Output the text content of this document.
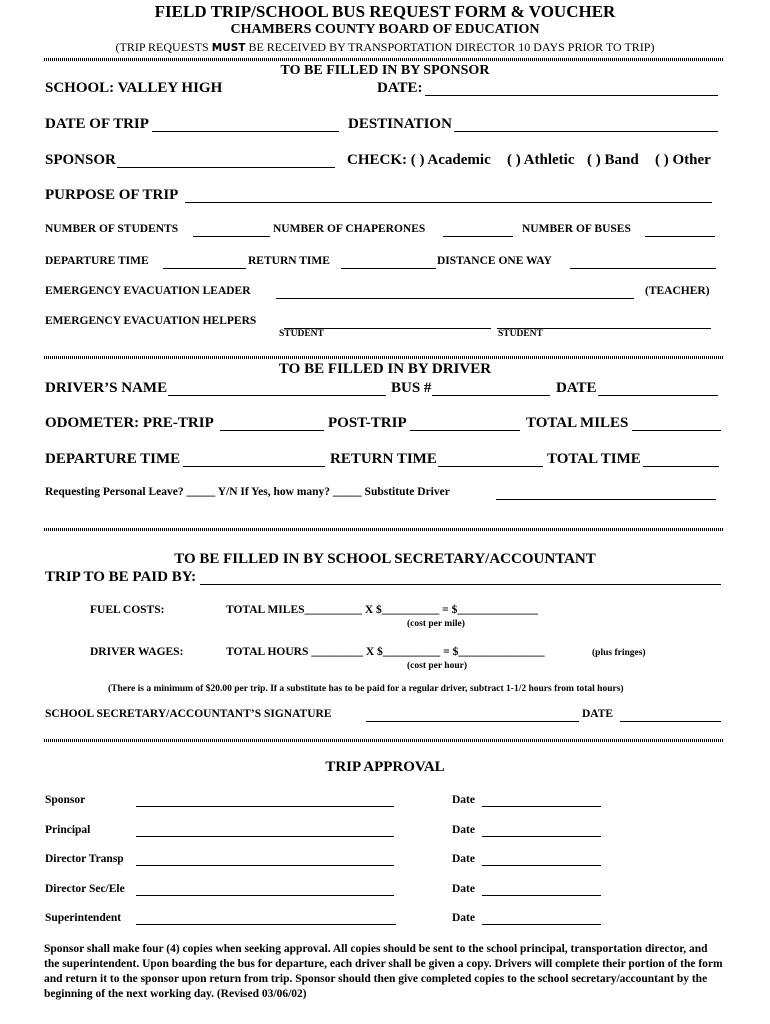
FIELD TRIP/SCHOOL BUS REQUEST FORM & VOUCHER
CHAMBERS COUNTY BOARD OF EDUCATION
(TRIP REQUESTS MUST BE RECEIVED BY TRANSPORTATION DIRECTOR 10 DAYS PRIOR TO TRIP)
TO BE FILLED IN BY SPONSOR
SCHOOL: VALLEY HIGH	DATE:
DATE OF TRIP	DESTINATION
SPONSOR	CHECK: ( ) Academic ( ) Athletic ( ) Band ( ) Other
PURPOSE OF TRIP
NUMBER OF STUDENTS	NUMBER OF CHAPERONES	NUMBER OF BUSES
DEPARTURE TIME	RETURN TIME	DISTANCE ONE WAY
EMERGENCY EVACUATION LEADER	(TEACHER)
EMERGENCY EVACUATION HELPERS
STUDENT	STUDENT
TO BE FILLED IN BY DRIVER
DRIVER’S NAME	BUS #	DATE
ODOMETER: PRE-TRIP	POST-TRIP	TOTAL MILES
DEPARTURE TIME	RETURN TIME	TOTAL TIME
Requesting Personal Leave? _____ Y/N If Yes, how many? _____ Substitute Driver
TO BE FILLED IN BY SCHOOL SECRETARY/ACCOUNTANT
TRIP TO BE PAID BY:
FUEL COSTS:	TOTAL MILES__________ X $__________ = $______________
(cost per mile)
DRIVER WAGES:	TOTAL HOURS _________ X $__________ = $_______________	(plus fringes)
(cost per hour)
(There is a minimum of $20.00 per trip. If a substitute has to be paid for a regular driver, subtract 1-1/2 hours from total hours)
SCHOOL SECRETARY/ACCOUNTANT’S SIGNATURE	DATE
TRIP APPROVAL
Sponsor	Date
Principal	Date
Director Transp	Date
Director Sec/Ele	Date
Superintendent	Date
Sponsor shall make four (4) copies when seeking approval. All copies should be sent to the school principal, transportation director, and the superintendent. Upon boarding the bus for departure, each driver shall be given a copy. Drivers will complete their portion of the form and return it to the sponsor upon return from trip. Sponsor should then give completed copies to the school secretary/accountant by the beginning of the next working day. (Revised 03/06/02)
